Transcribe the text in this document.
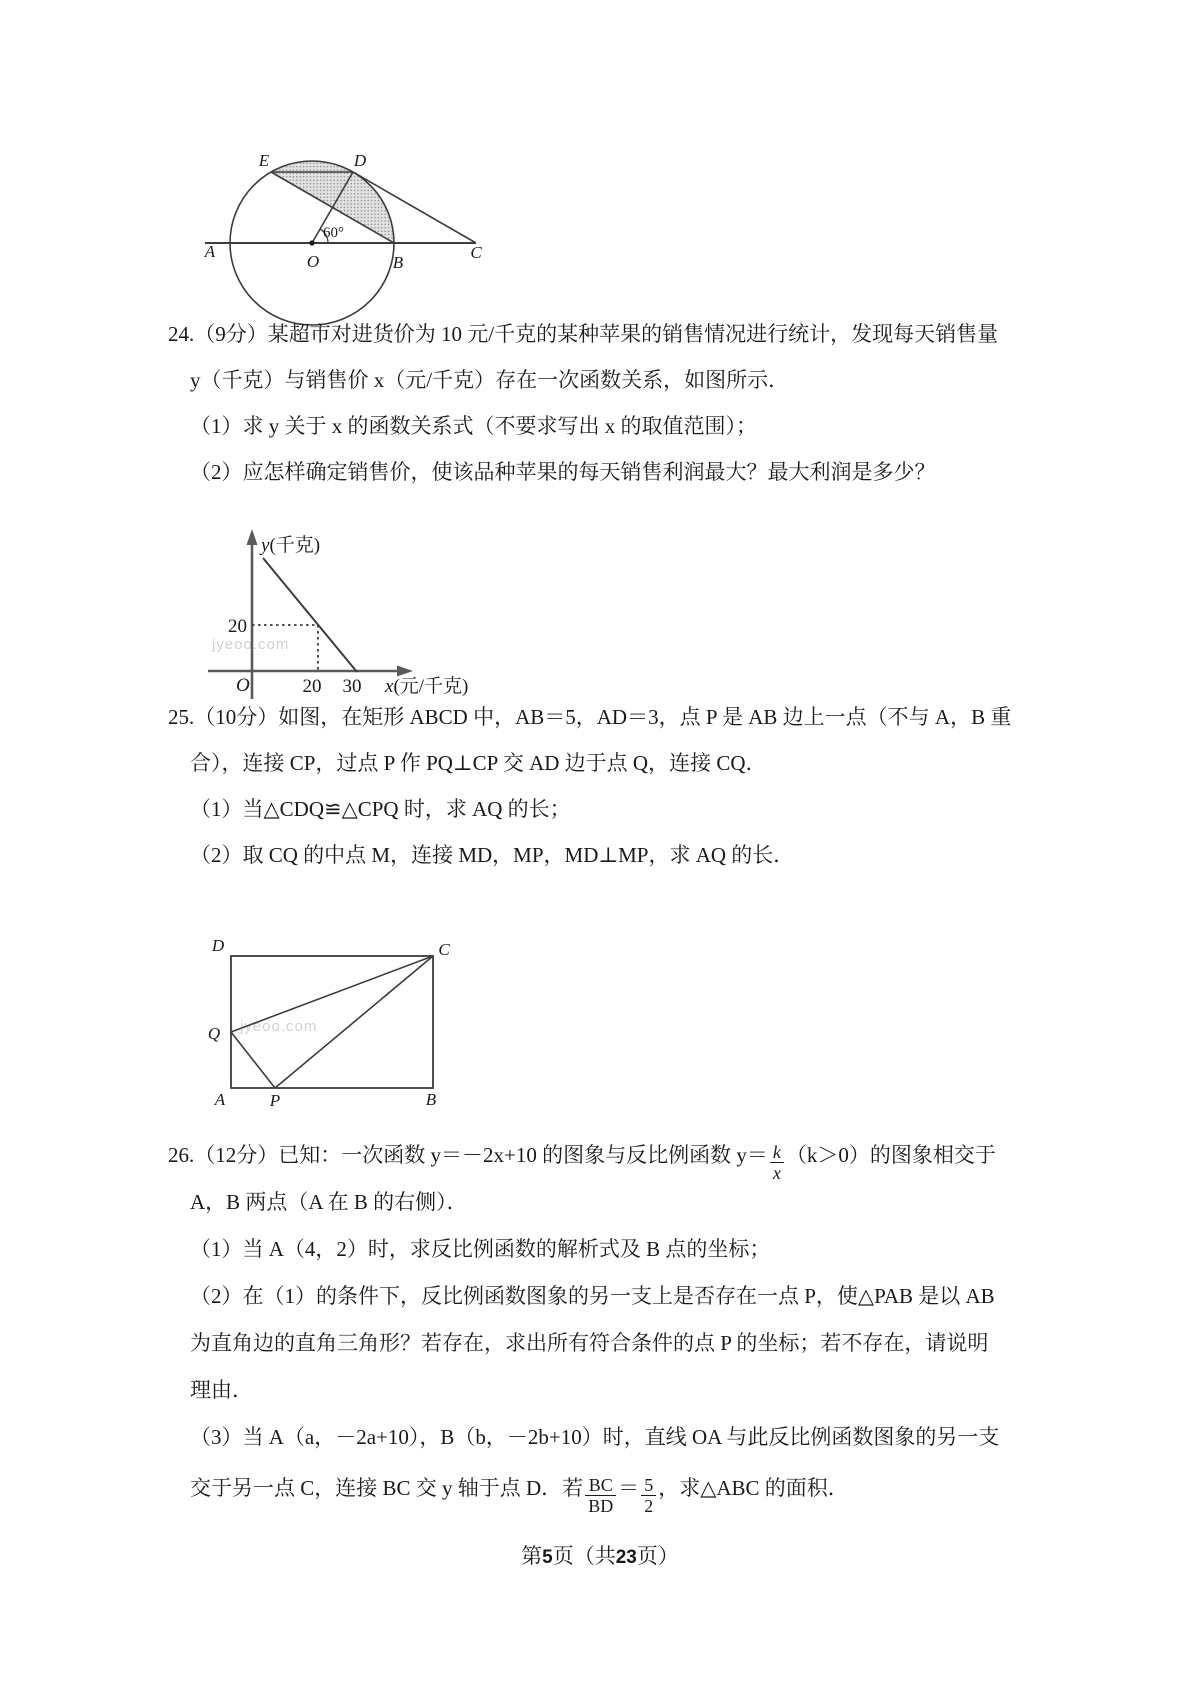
E	D
A
O	B
C
60°
24.（9分）某超市对进货价为 10 元/千克的某种苹果的销售情况进行统计，发现每天销售量
y（千克）与销售价 x（元/千克）存在一次函数关系，如图所示．
（1）求 y 关于 x 的函数关系式（不要求写出 x 的取值范围）；
（2）应怎样确定销售价，使该品种苹果的每天销售利润最大？最大利润是多少？
y(千克)
20
O	20 30 x(元/千克)
jyeoo.com
25.（10分）如图，在矩形 ABCD 中，AB＝5，AD＝3，点 P 是 AB 边上一点（不与 A，B 重
合），连接 CP，过点 P 作 PQ⊥CP 交 AD 边于点 Q，连接 CQ．
（1）当△CDQ≌△CPQ 时，求 AQ 的长；
（2）取 CQ 的中点 M，连接 MD，MP，MD⊥MP，求 AQ 的长．
D	C
Q
A	P	B
jyeoo.com
26.（12分）已知：一次函数 y＝－2x+10 的图象与反比例函数 $y= \frac{k}{x} (k>0)$的图象相交于
A，B 两点（A 在 B 的右侧）．
（1）当 A（4，2）时，求反比例函数的解析式及 B 点的坐标；
（2）在（1）的条件下，反比例函数图象的另一支上是否存在一点 P，使△PAB 是以 AB
为直角边的直角三角形？若存在，求出所有符合条件的点 P 的坐标；若不存在，请说明
理由．
（3）当 A（a，－2a+10），B（b，－2b+10）时，直线 OA 与此反比例函数图象的另一支
交于另一点 C，连接 BC 交 y 轴于点 D．若 $\frac{BC}{BD} = \frac{5}{2}$ ，求△ABC 的面积．
第5页（共23页）
